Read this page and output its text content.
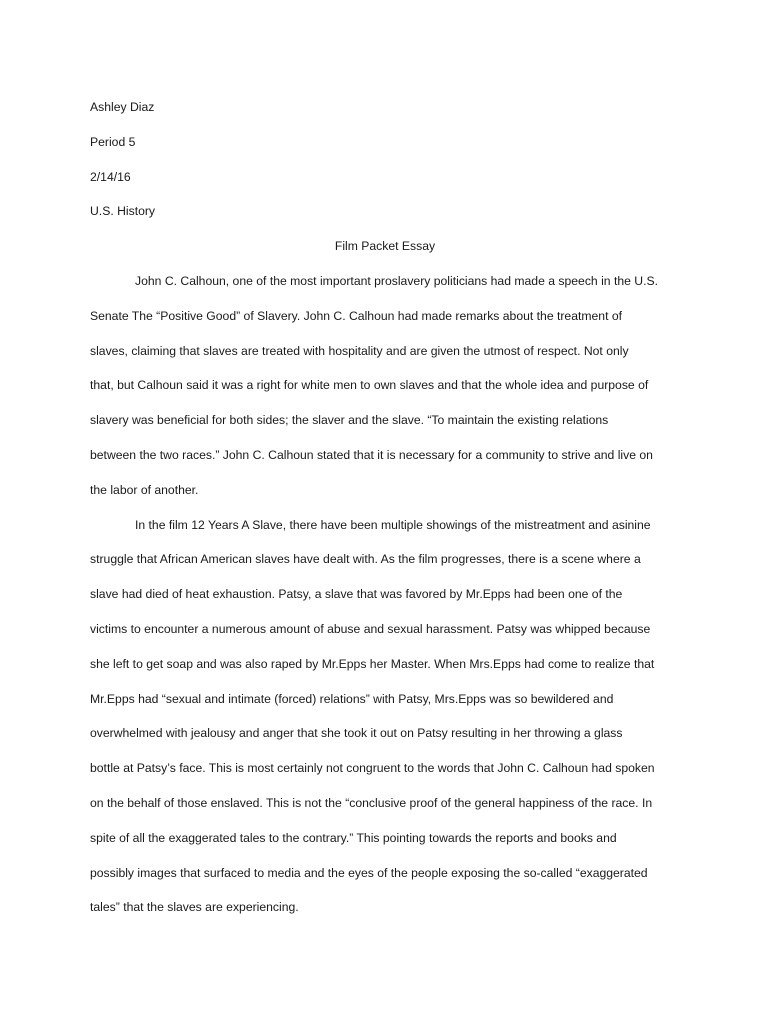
Ashley Diaz

Period 5

2/14/16

U.S. History

Film Packet Essay

John C. Calhoun, one of the most important proslavery politicians had made a speech in the U.S.

Senate The “Positive Good” of Slavery. John C. Calhoun had made remarks about the treatment of

slaves, claiming that slaves are treated with hospitality and are given the utmost of respect. Not only

that, but Calhoun said it was a right for white men to own slaves and that the whole idea and purpose of

slavery was beneficial for both sides; the slaver and the slave. “To maintain the existing relations

between the two races.” John C. Calhoun stated that it is necessary for a community to strive and live on

the labor of another.

In the film 12 Years A Slave, there have been multiple showings of the mistreatment and asinine

struggle that African American slaves have dealt with. As the film progresses, there is a scene where a

slave had died of heat exhaustion. Patsy, a slave that was favored by Mr.Epps had been one of the

victims to encounter a numerous amount of abuse and sexual harassment. Patsy was whipped because

she left to get soap and was also raped by Mr.Epps her Master. When Mrs.Epps had come to realize that

Mr.Epps had “sexual and intimate (forced) relations” with Patsy, Mrs.Epps was so bewildered and

overwhelmed with jealousy and anger that she took it out on Patsy resulting in her throwing a glass

bottle at Patsy’s face. This is most certainly not congruent to the words that John C. Calhoun had spoken

on the behalf of those enslaved. This is not the “conclusive proof of the general happiness of the race. In

spite of all the exaggerated tales to the contrary.” This pointing towards the reports and books and

possibly images that surfaced to media and the eyes of the people exposing the so-called “exaggerated

tales” that the slaves are experiencing.
